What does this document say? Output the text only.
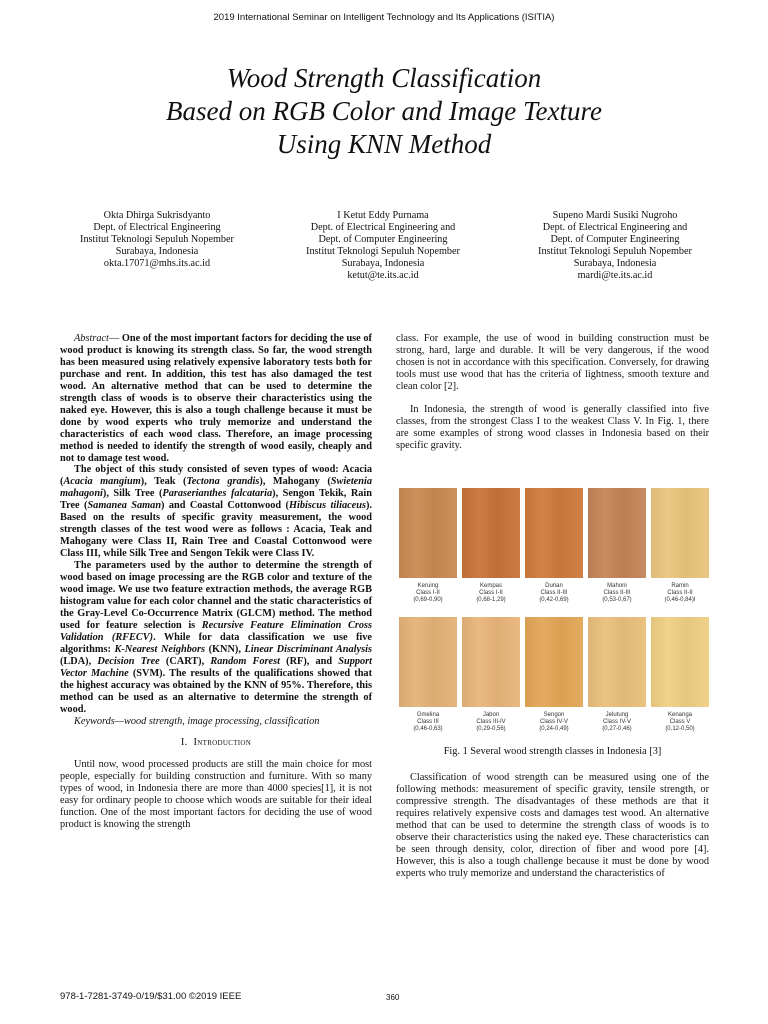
2019 International Seminar on Intelligent Technology and Its Applications (ISITIA)
Wood Strength Classification
Based on RGB Color and Image Texture
Using KNN Method
Okta Dhirga Sukrisdyanto
Dept. of Electrical Engineering
Institut Teknologi Sepuluh Nopember
Surabaya, Indonesia
okta.17071@mhs.its.ac.id
I Ketut Eddy Purnama
Dept. of Electrical Engineering and
Dept. of Computer Engineering
Institut Teknologi Sepuluh Nopember
Surabaya, Indonesia
ketut@te.its.ac.id
Supeno Mardi Susiki Nugroho
Dept. of Electrical Engineering and
Dept. of Computer Engineering
Institut Teknologi Sepuluh Nopember
Surabaya, Indonesia
mardi@te.its.ac.id

Abstract— One of the most important factors for deciding the use of wood product is knowing its strength class. So far, the wood strength has been measured using relatively expensive laboratory tests both for purchase and rent. In addition, this test has also damaged the test wood. An alternative method that can be used to determine the strength class of woods is to observe their characteristics using the naked eye. However, this is also a tough challenge because it must be done by wood experts who truly memorize and understand the characteristics of each wood class. Therefore, an image processing method is needed to identify the strength of wood easily, cheaply and not to damage test wood.

The object of this study consisted of seven types of wood: Acacia (Acacia mangium), Teak (Tectona grandis), Mahogany (Swietenia mahagoni), Silk Tree (Paraserianthes falcataria), Sengon Tekik, Rain Tree (Samanea Saman) and Coastal Cottonwood (Hibiscus tiliaceus). Based on the results of specific gravity measurement, the wood strength classes of the test wood were as follows : Acacia, Teak and Mahogany were Class II, Rain Tree and Coastal Cottonwood were Class III, while Silk Tree and Sengon Tekik were Class IV.

The parameters used by the author to determine the strength of wood based on image processing are the RGB color and texture of the wood image. We use two feature extraction methods, the average RGB histogram value for each color channel and the static characteristics of the Gray-Level Co-Occurrence Matrix (GLCM) method. The method used for feature selection is Recursive Feature Elimination Cross Validation (RFECV). While for data classification we use five algorithms: K-Nearest Neighbors (KNN), Linear Discriminant Analysis (LDA), Decision Tree (CART), Random Forest (RF), and Support Vector Machine (SVM). The results of the qualifications showed that the highest accuracy was obtained by the KNN of 95%. Therefore, this method can be used as an alternative to determine the strength of wood.

Keywords—wood strength, image processing, classification

I. Introduction

Until now, wood processed products are still the main choice for most people, especially for building construction and furniture. With so many types of wood, in Indonesia there are more than 4000 species[1], it is not easy for ordinary people to choose which woods are suitable for their ideal function. One of the most important factors for deciding the use of wood product is knowing the strength

class. For example, the use of wood in building construction must be strong, hard, large and durable. It will be very dangerous, if the wood chosen is not in accordance with this specification. Conversely, for drawing tools must use wood that has the criteria of lightness, smooth texture and clean color [2].

In Indonesia, the strength of wood is generally classified into five classes, from the strongest Class I to the weakest Class V. In Fig. 1, there are some examples of strong wood classes in Indonesia based on their specific gravity.

Keruing
Class I-II
(0,69-0,90)
Kempas
Class I-II
(0,68-1,29)
Durian
Class II-III
(0,42-0,69)
Mahoni
Class II-III
(0,53-0,67)
Ramin
Class II-II
(0,46-0,84)I
Gmelina
Class III
(0,46-0,63)
Jabon
Class III-IV
(0,29-0,56)
Sengon
Class IV-V
(0,24-0,49)
Jelutung
Class IV-V
(0,27-0,46)
Kenanga
Class V
(0,12-0,50)
Fig. 1 Several wood strength classes in Indonesia [3]

Classification of wood strength can be measured using one of the following methods: measurement of specific gravity, tensile strength, or compressive strength. The disadvantages of these methods are that it requires relatively expensive costs and damages test wood. An alternative method that can be used to determine the strength class of woods is to observe their characteristics using the naked eye. These characteristics can be seen through density, color, direction of fiber and wood pore [4]. However, this is also a tough challenge because it must be done by wood experts who truly memorize and understand the characteristics of

978-1-7281-3749-0/19/$31.00 ©2019 IEEE	360
